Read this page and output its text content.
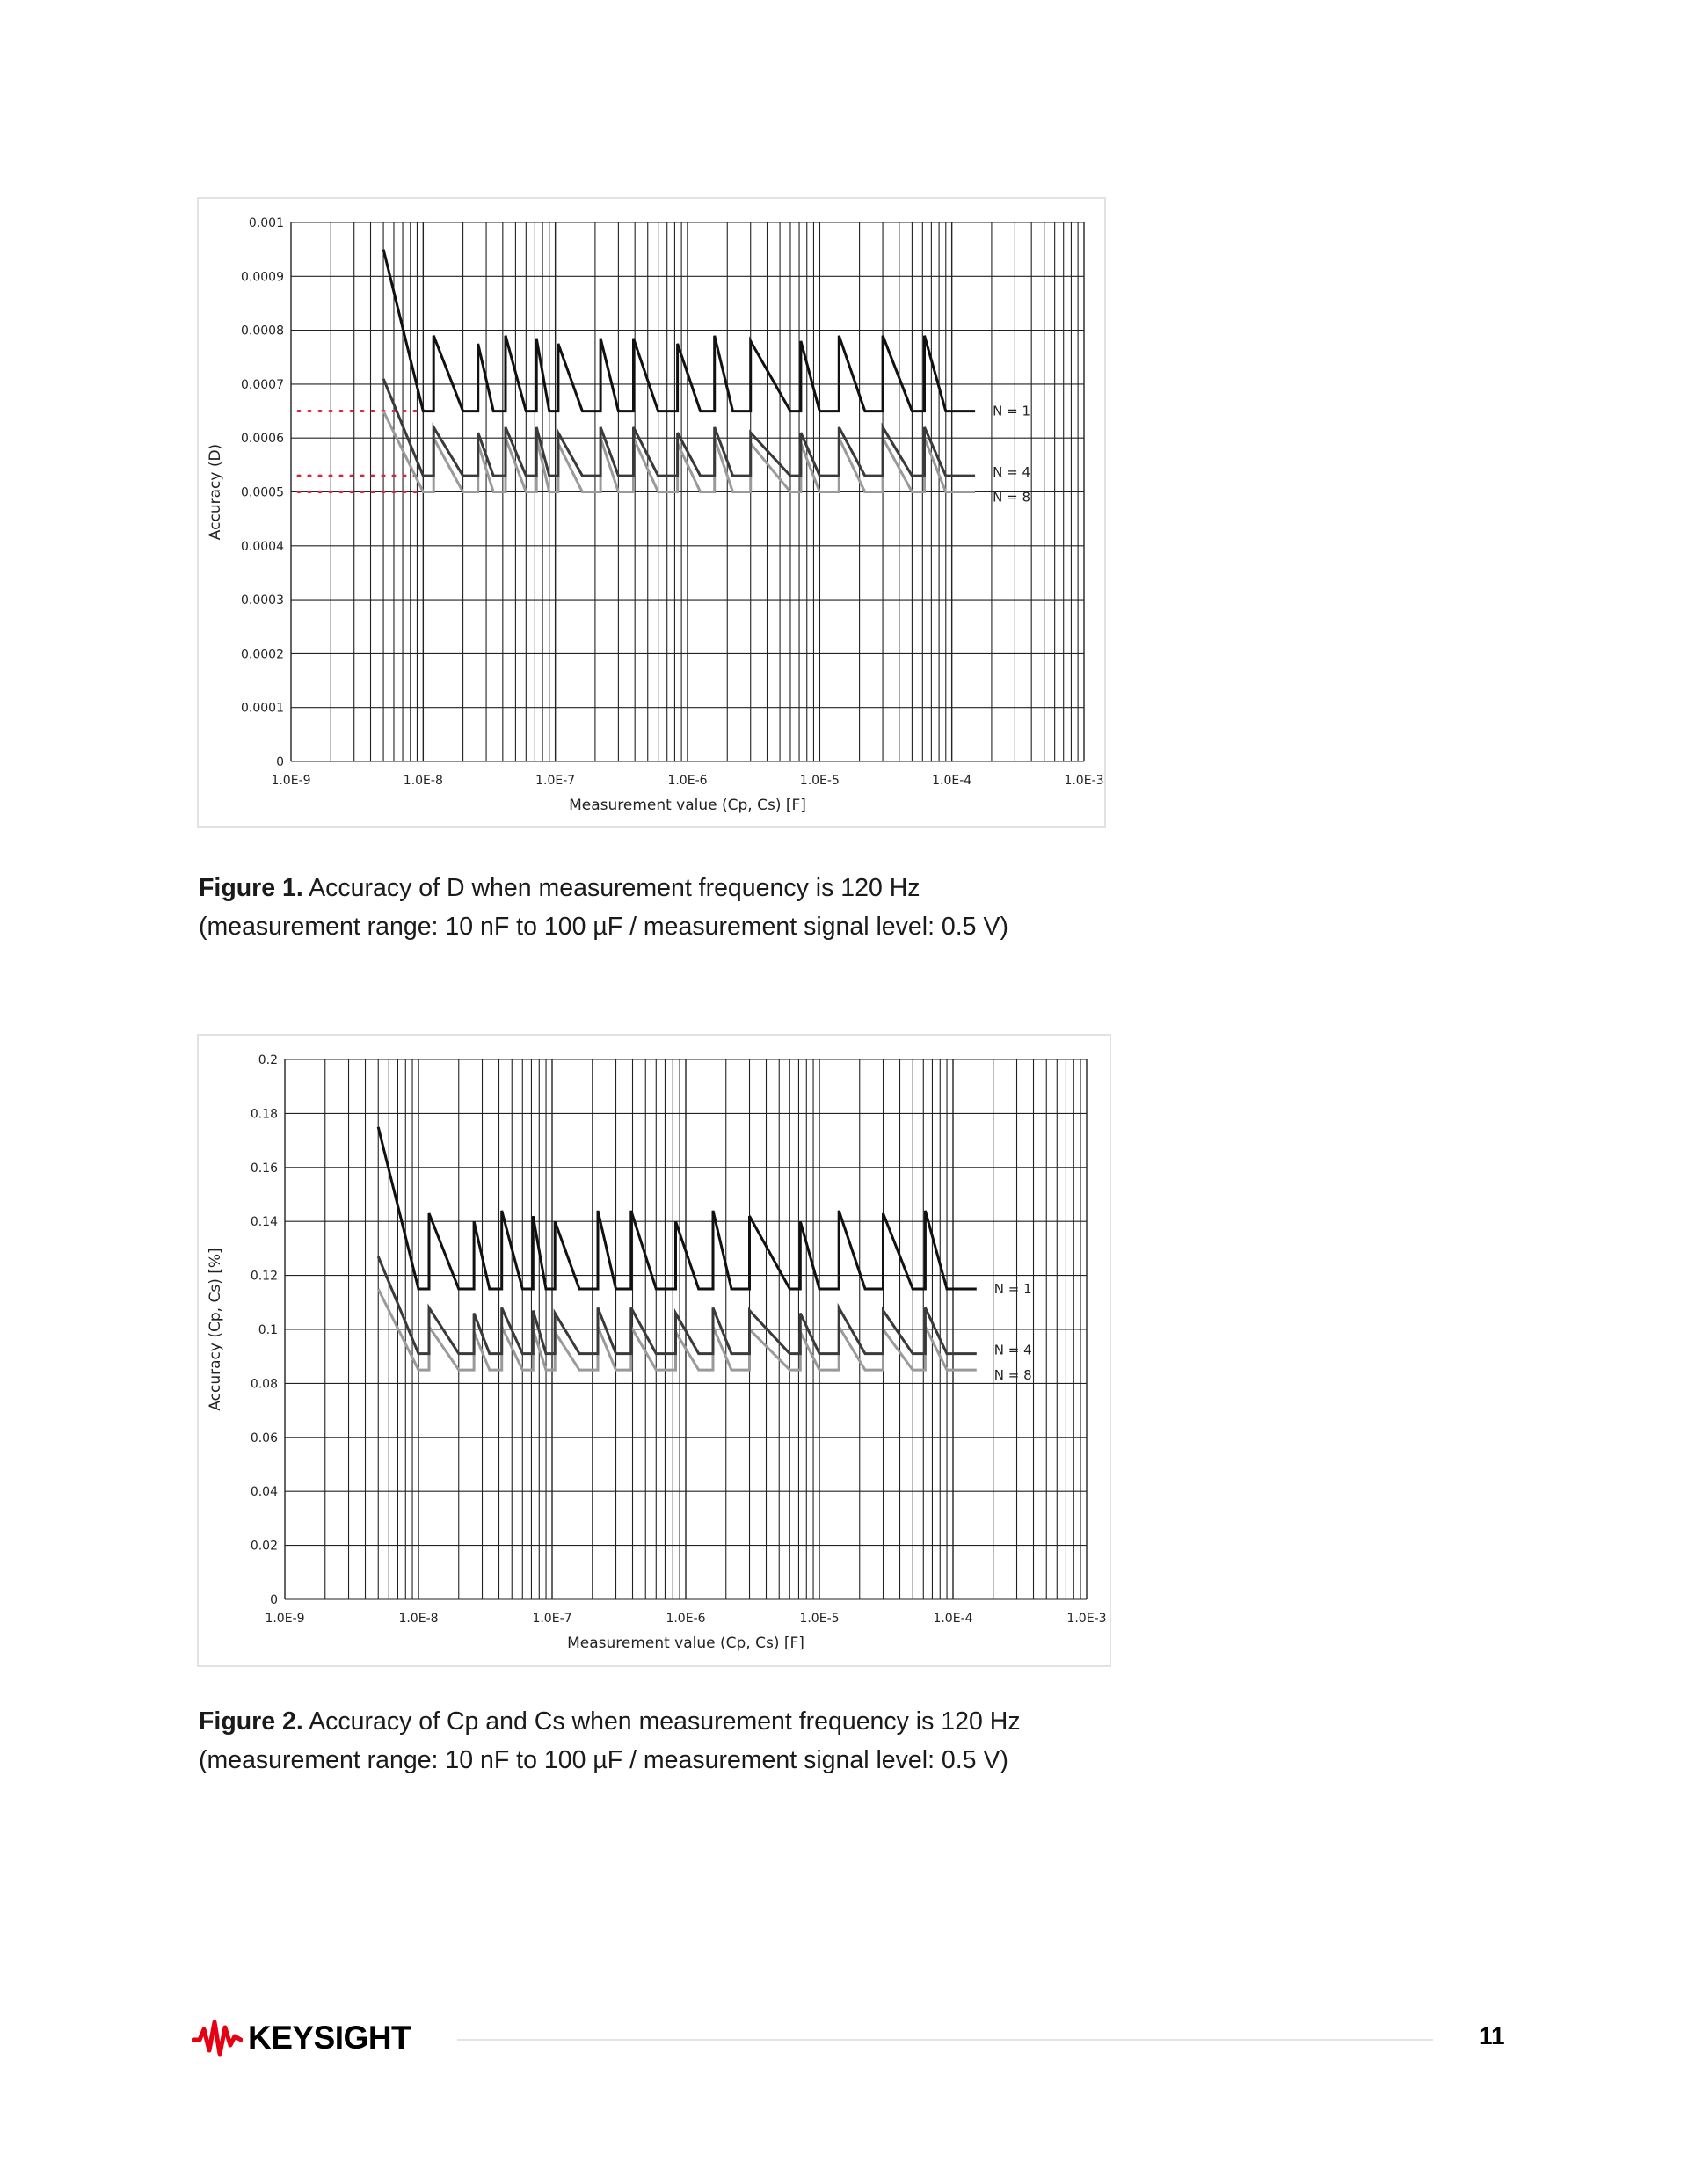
0
0.0001
0.0002
0.0003
0.0004
0.0005
0.0006
0.0007
0.0008
0.0009
0.001
1.0E-9	1.0E-8	1.0E-7	1.0E-6	1.0E-5	1.0E-4	1.0E-3
Measurement value (Cp, Cs) [F]
Accuracy (D)
N = 1
N = 4
N = 8
Figure 1. Accuracy of D when measurement frequency is 120 Hz
(measurement range: 10 nF to 100 µF / measurement signal level: 0.5 V)
0
0.02
0.04
0.06
0.08
0.1
0.12
0.14
0.16
0.18
0.2
1.0E-9	1.0E-8	1.0E-7	1.0E-6	1.0E-5	1.0E-4	1.0E-3
Measurement value (Cp, Cs) [F]
Accuracy (Cp, Cs) [%]	N = 1
N = 4
N = 8
Figure 2. Accuracy of Cp and Cs when measurement frequency is 120 Hz
(measurement range: 10 nF to 100 µF / measurement signal level: 0.5 V)
KEYSIGHT	11
